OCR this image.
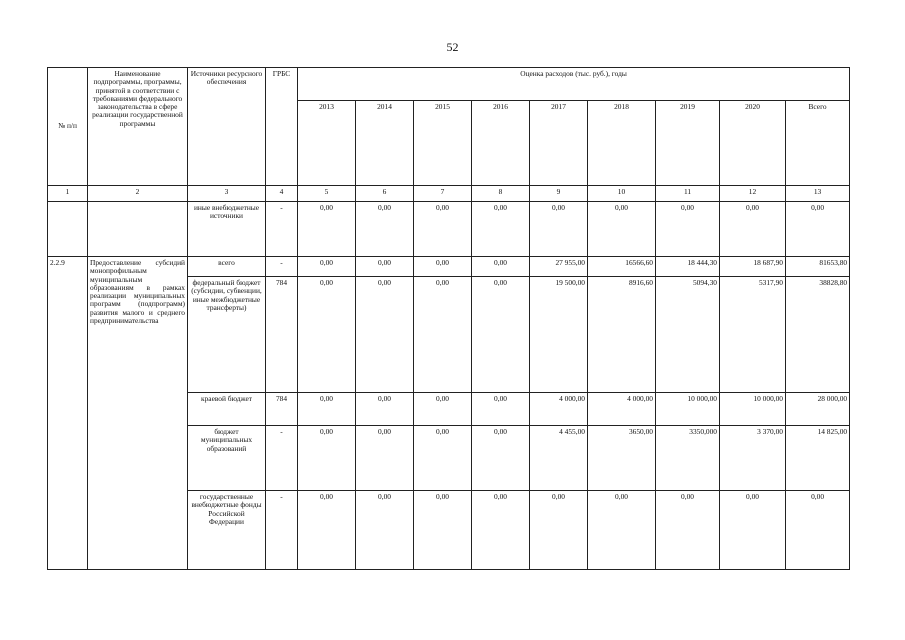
52
№ п/п	Наименование подпрограммы, программы, принятой в соответствии с требованиями федерального законодательства в сфере реализации государственной программы	Источники ресурсного обеспечения	ГРБС	Оценка расходов (тыс. руб.), годы								
				2013	2014	2015	2016	2017	2018	2019	2020	Всего
1	2	3	4	5	6	7	8	9	10	11	12	13
		иные внебюджетные источники	-	0,00	0,00	0,00	0,00	0,00	0,00	0,00	0,00	0,00
2.2.9	Предоставление субсидий монопрофильным муниципальным образованиям в рамках реализации муниципальных программ (подпрограмм) развития малого и среднего предпринимательства	всего	-	0,00	0,00	0,00	0,00	27 955,00	16566,60	18 444,30	18 687,90	81653,80
		федеральный бюджет (субсидии, субвенции, иные межбюджетные трансферты)	784	0,00	0,00	0,00	0,00	19 500,00	8916,60	5094,30	5317,90	38828,80
		краевой бюджет	784	0,00	0,00	0,00	0,00	4 000,00	4 000,00	10 000,00	10 000,00	28 000,00
		бюджет муниципальных образований	-	0,00	0,00	0,00	0,00	4 455,00	3650,00	3350,000	3 370,00	14 825,00
		государственные внебюджетные фонды Российской Федерации	-	0,00	0,00	0,00	0,00	0,00	0,00	0,00	0,00	0,00
